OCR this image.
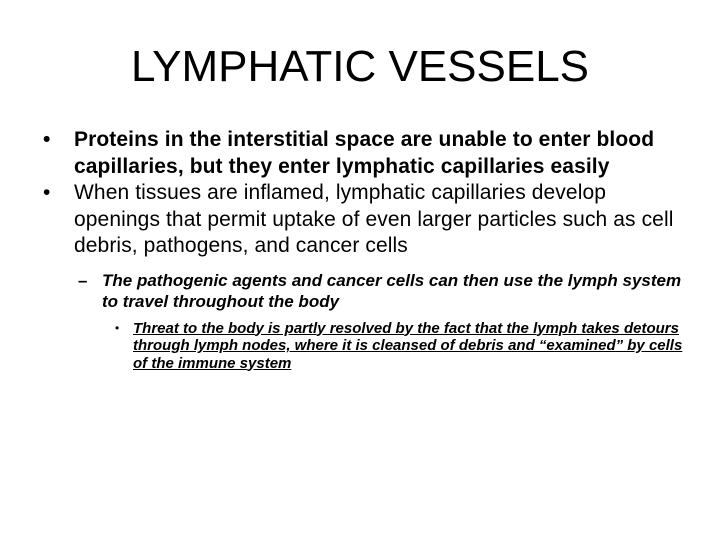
LYMPHATIC VESSELS
• Proteins in the interstitial space are unable to enter blood capillaries, but they enter lymphatic capillaries easily
• When tissues are inflamed, lymphatic capillaries develop openings that permit uptake of even larger particles such as cell debris, pathogens, and cancer cells
– The pathogenic agents and cancer cells can then use the lymph system to travel throughout the body
• Threat to the body is partly resolved by the fact that the lymph takes detours through lymph nodes, where it is cleansed of debris and “examined” by cells of the immune system
